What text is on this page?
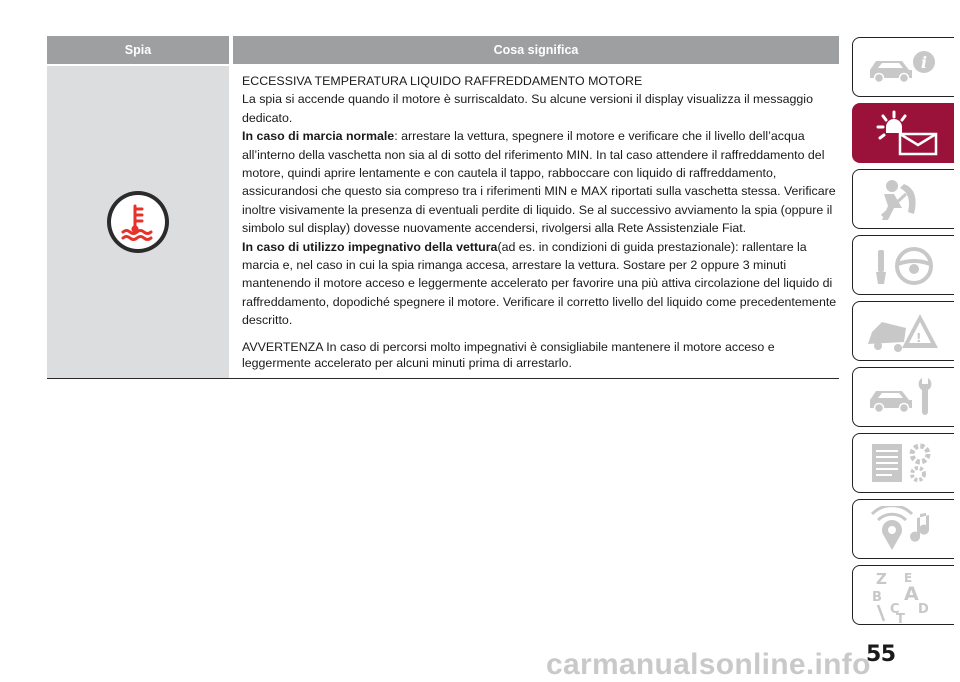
Spia	Cosa significa

ECCESSIVA TEMPERATURA LIQUIDO RAFFREDDAMENTO MOTORE

La spia si accende quando il motore è surriscaldato. Su alcune versioni il display visualizza il messaggio dedicato.

In caso di marcia normale: arrestare la vettura, spegnere il motore e verificare che il livello dell’acqua all’interno della vaschetta non sia al di sotto del riferimento MIN. In tal caso attendere il raffreddamento del motore, quindi aprire lentamente e con cautela il tappo, rabboccare con liquido di raffreddamento, assicurandosi che questo sia compreso tra i riferimenti MIN e MAX riportati sulla vaschetta stessa. Verificare inoltre visivamente la presenza di eventuali perdite di liquido. Se al successivo avviamento la spia (oppure il simbolo sul display) dovesse nuovamente accendersi, rivolgersi alla Rete Assistenziale Fiat.

In caso di utilizzo impegnativo della vettura(ad es. in condizioni di guida prestazionale): rallentare la marcia e, nel caso in cui la spia rimanga accesa, arrestare la vettura. Sostare per 2 oppure 3 minuti mantenendo il motore acceso e leggermente accelerato per favorire una più attiva circolazione del liquido di raffreddamento, dopodiché spegnere il motore. Verificare il corretto livello del liquido come precedentemente descritto.

AVVERTENZA In caso di percorsi molto impegnativi è consigliabile mantenere il motore acceso e leggermente accelerato per alcuni minuti prima di arrestarlo.

i
!
Z E
B A
C D
T
carmanualsonline.info
55
